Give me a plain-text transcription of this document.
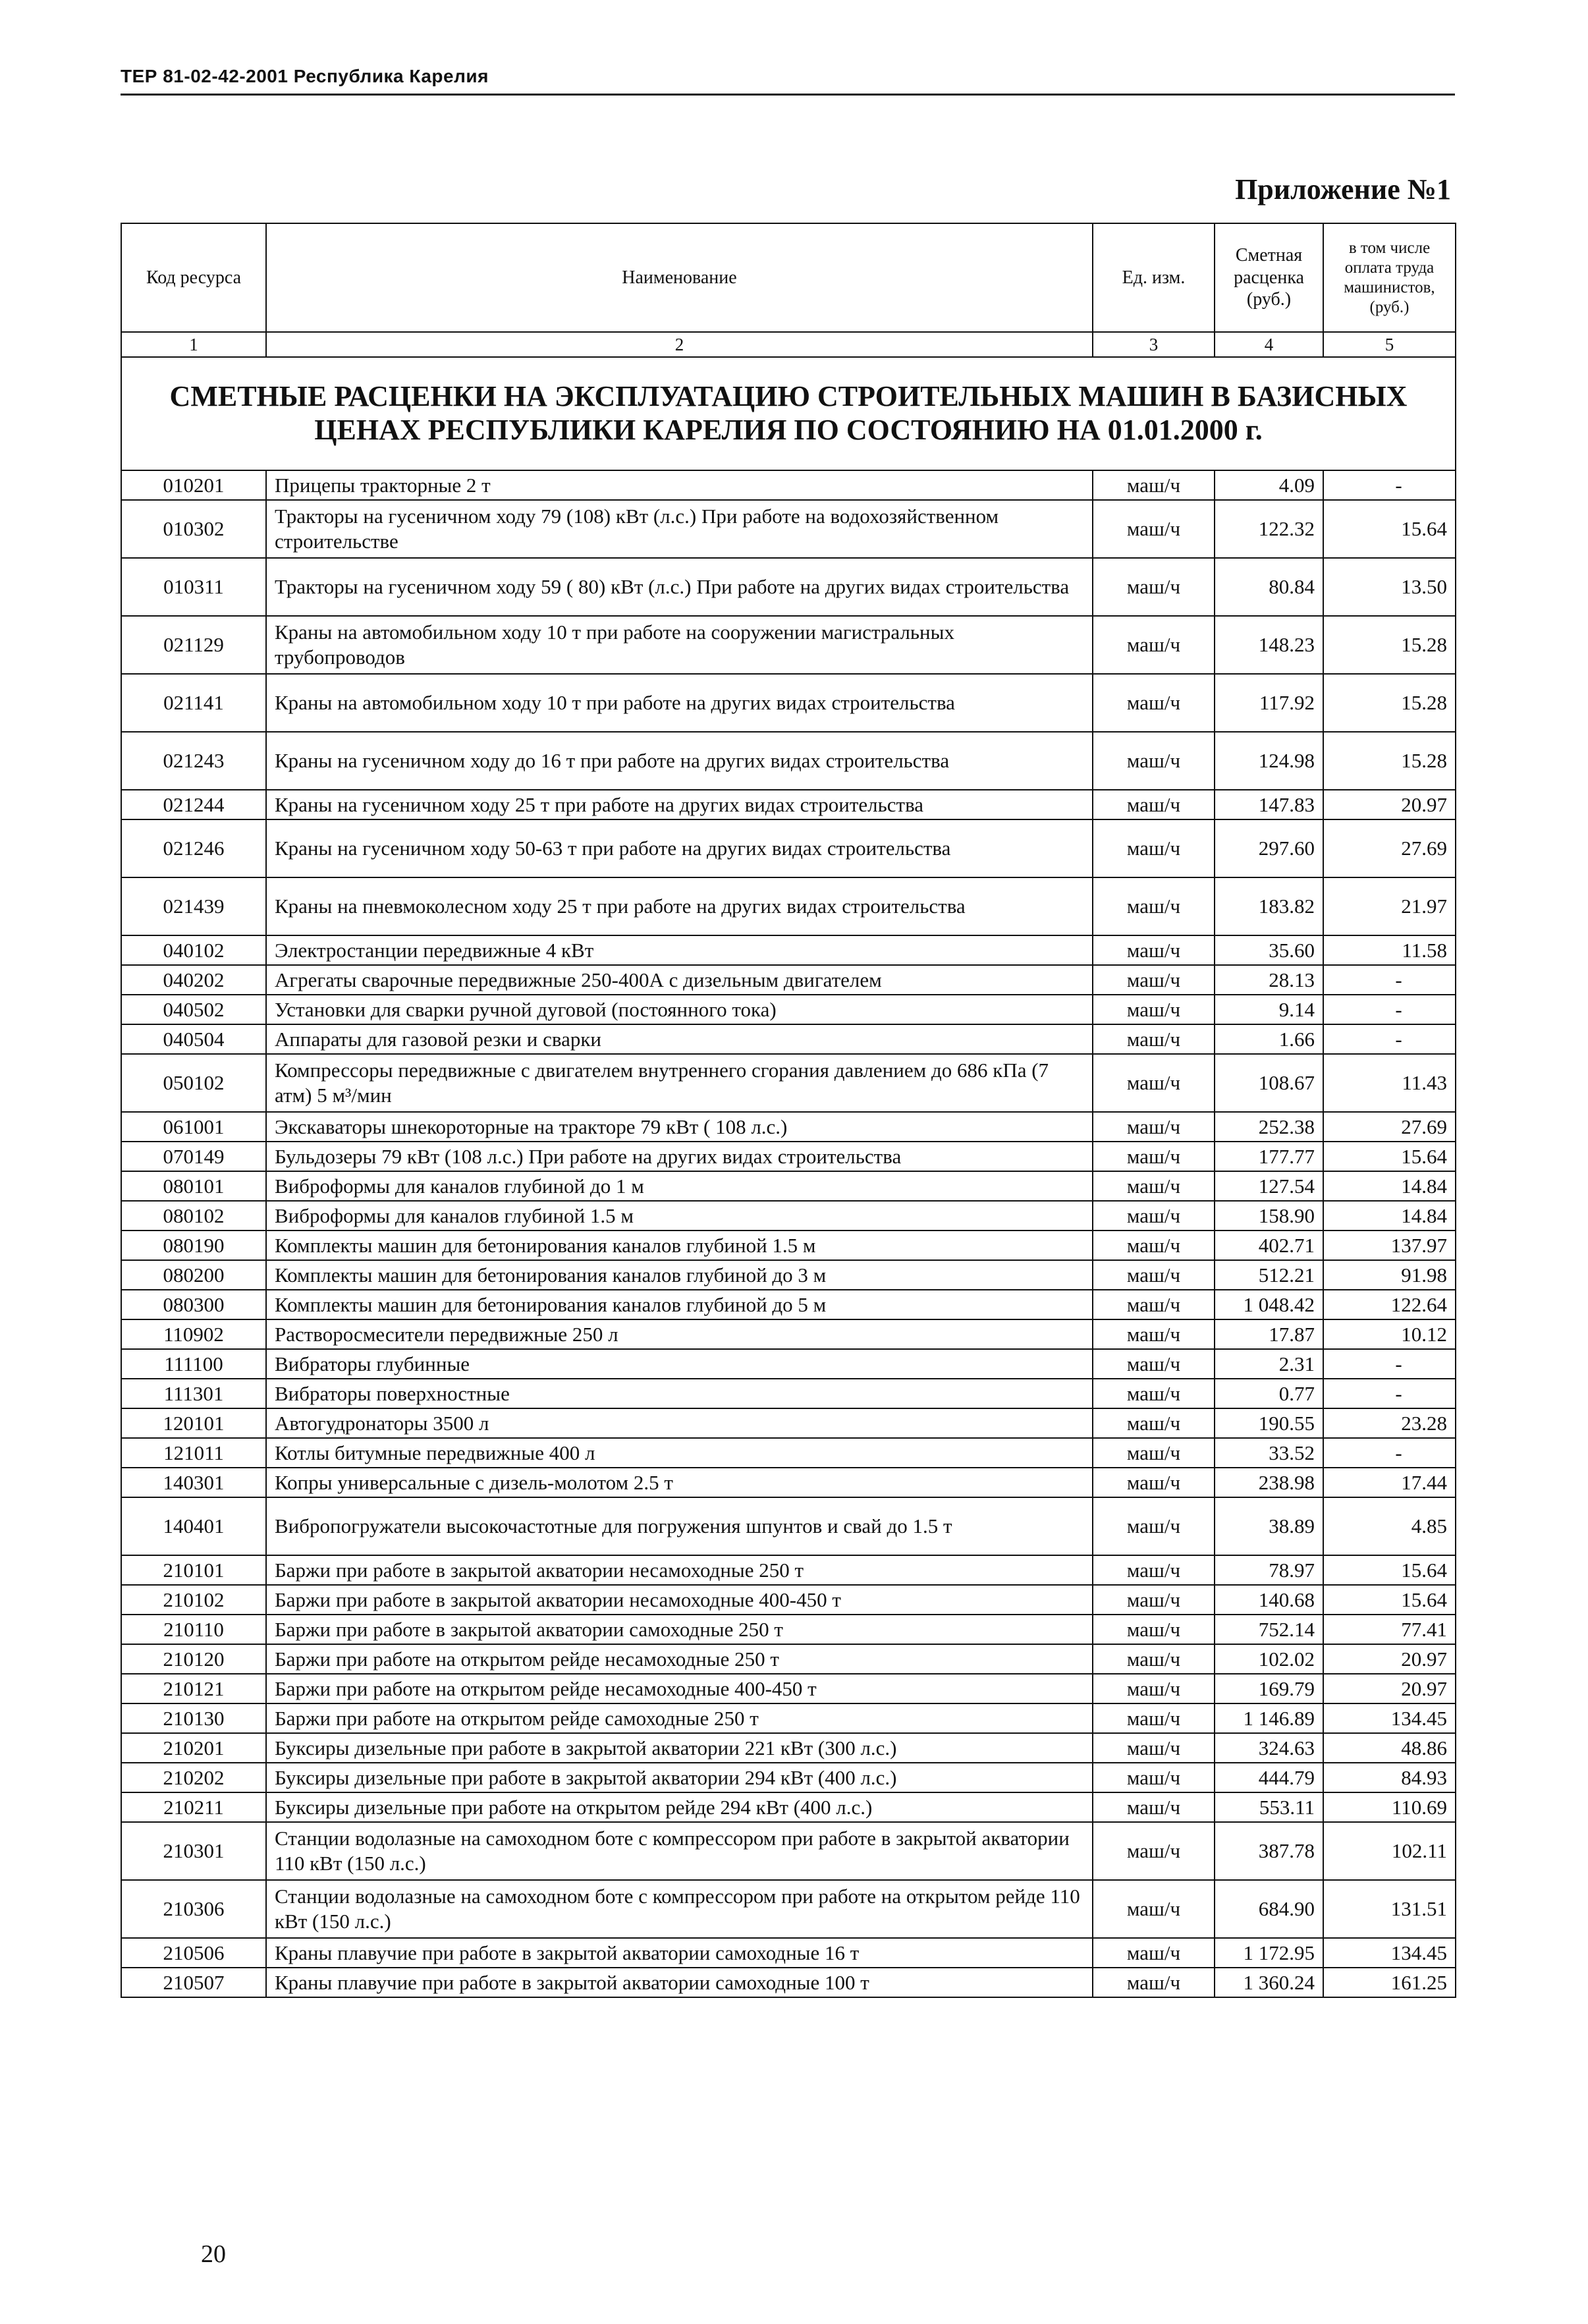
ТЕР 81-02-42-2001 Республика Карелия
Приложение №1
Код ресурса	Наименование	Ед. изм.	Сметная расценка (руб.)	в том числе оплата труда машинистов, (руб.)
1	2	3	4	5
СМЕТНЫЕ РАСЦЕНКИ НА ЭКСПЛУАТАЦИЮ СТРОИТЕЛЬНЫХ МАШИН В БАЗИСНЫХ ЦЕНАХ РЕСПУБЛИКИ КАРЕЛИЯ ПО СОСТОЯНИЮ НА 01.01.2000 г.				
010201	Прицепы тракторные 2 т	маш/ч	4.09	-
010302	Тракторы на гусеничном ходу 79 (108) кВт (л.с.) При работе на водохозяйственном строительстве	маш/ч	122.32	15.64
010311	Тракторы на гусеничном ходу 59 ( 80) кВт (л.с.) При работе на других видах строительства	маш/ч	80.84	13.50
021129	Краны на автомобильном ходу 10 т при работе на сооружении магистральных трубопроводов	маш/ч	148.23	15.28
021141	Краны на автомобильном ходу 10 т при работе на других видах строительства	маш/ч	117.92	15.28
021243	Краны на гусеничном ходу до 16 т при работе на других видах строительства	маш/ч	124.98	15.28
021244	Краны на гусеничном ходу 25 т при работе на других видах строительства	маш/ч	147.83	20.97
021246	Краны на гусеничном ходу 50-63 т при работе на других видах строительства	маш/ч	297.60	27.69
021439	Краны на пневмоколесном ходу 25 т при работе на других видах строительства	маш/ч	183.82	21.97
040102	Электростанции передвижные 4 кВт	маш/ч	35.60	11.58
040202	Агрегаты сварочные передвижные 250-400А с дизельным двигателем	маш/ч	28.13	-
040502	Установки для сварки ручной дуговой (постоянного тока)	маш/ч	9.14	-
040504	Аппараты для газовой резки и сварки	маш/ч	1.66	-
050102	Компрессоры передвижные с двигателем внутреннего сгорания давлением до 686 кПа (7 атм) 5 м³/мин	маш/ч	108.67	11.43
061001	Экскаваторы шнекороторные на тракторе 79 кВт ( 108 л.с.)	маш/ч	252.38	27.69
070149	Бульдозеры 79 кВт (108 л.с.) При работе на других видах строительства	маш/ч	177.77	15.64
080101	Виброформы для каналов глубиной до 1 м	маш/ч	127.54	14.84
080102	Виброформы для каналов глубиной 1.5 м	маш/ч	158.90	14.84
080190	Комплекты машин для бетонирования каналов глубиной 1.5 м	маш/ч	402.71	137.97
080200	Комплекты машин для бетонирования каналов глубиной до 3 м	маш/ч	512.21	91.98
080300	Комплекты машин для бетонирования каналов глубиной до 5 м	маш/ч	1 048.42	122.64
110902	Растворосмесители передвижные 250 л	маш/ч	17.87	10.12
111100	Вибраторы глубинные	маш/ч	2.31	-
111301	Вибраторы поверхностные	маш/ч	0.77	-
120101	Автогудронаторы 3500 л	маш/ч	190.55	23.28
121011	Котлы битумные передвижные 400 л	маш/ч	33.52	-
140301	Копры универсальные с дизель-молотом 2.5 т	маш/ч	238.98	17.44
140401	Вибропогружатели высокочастотные для погружения шпунтов и свай до 1.5 т	маш/ч	38.89	4.85
210101	Баржи при работе в закрытой акватории несамоходные 250 т	маш/ч	78.97	15.64
210102	Баржи при работе в закрытой акватории несамоходные 400-450 т	маш/ч	140.68	15.64
210110	Баржи при работе в закрытой акватории самоходные 250 т	маш/ч	752.14	77.41
210120	Баржи при работе на открытом рейде несамоходные 250 т	маш/ч	102.02	20.97
210121	Баржи при работе на открытом рейде несамоходные 400-450 т	маш/ч	169.79	20.97
210130	Баржи при работе на открытом рейде самоходные 250 т	маш/ч	1 146.89	134.45
210201	Буксиры дизельные при работе в закрытой акватории 221 кВт (300 л.с.)	маш/ч	324.63	48.86
210202	Буксиры дизельные при работе в закрытой акватории 294 кВт (400 л.с.)	маш/ч	444.79	84.93
210211	Буксиры дизельные при работе на открытом рейде 294 кВт (400 л.с.)	маш/ч	553.11	110.69
210301	Станции водолазные на самоходном боте с компрессором при работе в закрытой акватории 110 кВт (150 л.с.)	маш/ч	387.78	102.11
210306	Станции водолазные на самоходном боте с компрессором при работе на открытом рейде 110 кВт (150 л.с.)	маш/ч	684.90	131.51
210506	Краны плавучие при работе в закрытой акватории самоходные 16 т	маш/ч	1 172.95	134.45
210507	Краны плавучие при работе в закрытой акватории самоходные 100 т	маш/ч	1 360.24	161.25
20
